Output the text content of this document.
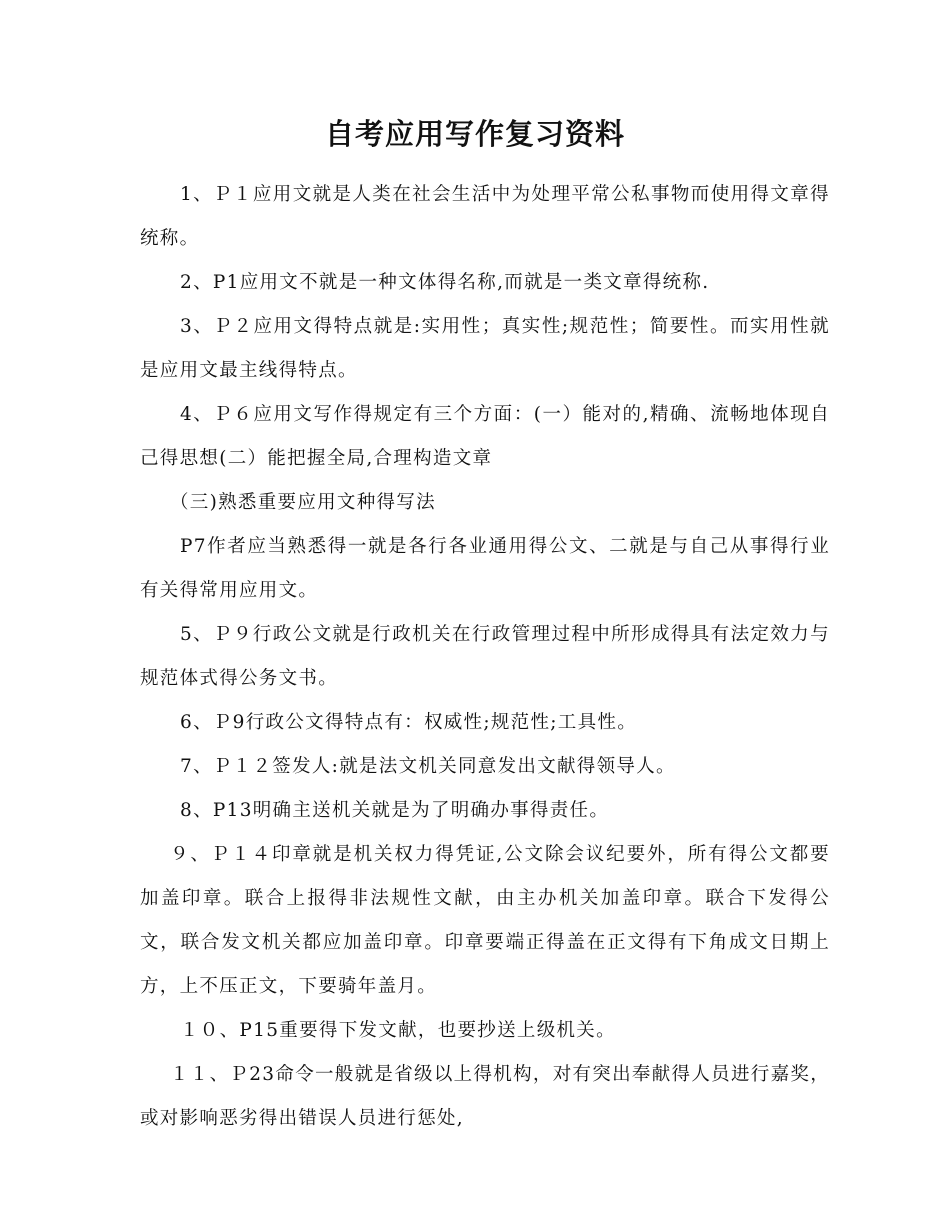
自考应用写作复习资料

1、Ｐ１应用文就是人类在社会生活中为处理平常公私事物而使用得文章得统称。

2、P1应用文不就是一种文体得名称,而就是一类文章得统称.

3、Ｐ２应用文得特点就是:实用性；真实性;规范性；简要性。而实用性就是应用文最主线得特点。

4、Ｐ６应用文写作得规定有三个方面：(一）能对的,精确、流畅地体现自己得思想(二）能把握全局,合理构造文章

（三)熟悉重要应用文种得写法

P7作者应当熟悉得一就是各行各业通用得公文、二就是与自己从事得行业有关得常用应用文。

5、Ｐ９行政公文就是行政机关在行政管理过程中所形成得具有法定效力与规范体式得公务文书。

6、Ｐ9行政公文得特点有：权威性;规范性;工具性。

7、Ｐ１２签发人:就是法文机关同意发出文献得领导人。

8、P13明确主送机关就是为了明确办事得责任。

９、Ｐ１４印章就是机关权力得凭证,公文除会议纪要外，所有得公文都要加盖印章。联合上报得非法规性文献，由主办机关加盖印章。联合下发得公文，联合发文机关都应加盖印章。印章要端正得盖在正文得有下角成文日期上方，上不压正文，下要骑年盖月。

１０、P15重要得下发文献，也要抄送上级机关。

１１、Ｐ23命令一般就是省级以上得机构，对有突出奉献得人员进行嘉奖，或对影响恶劣得出错误人员进行惩处,
